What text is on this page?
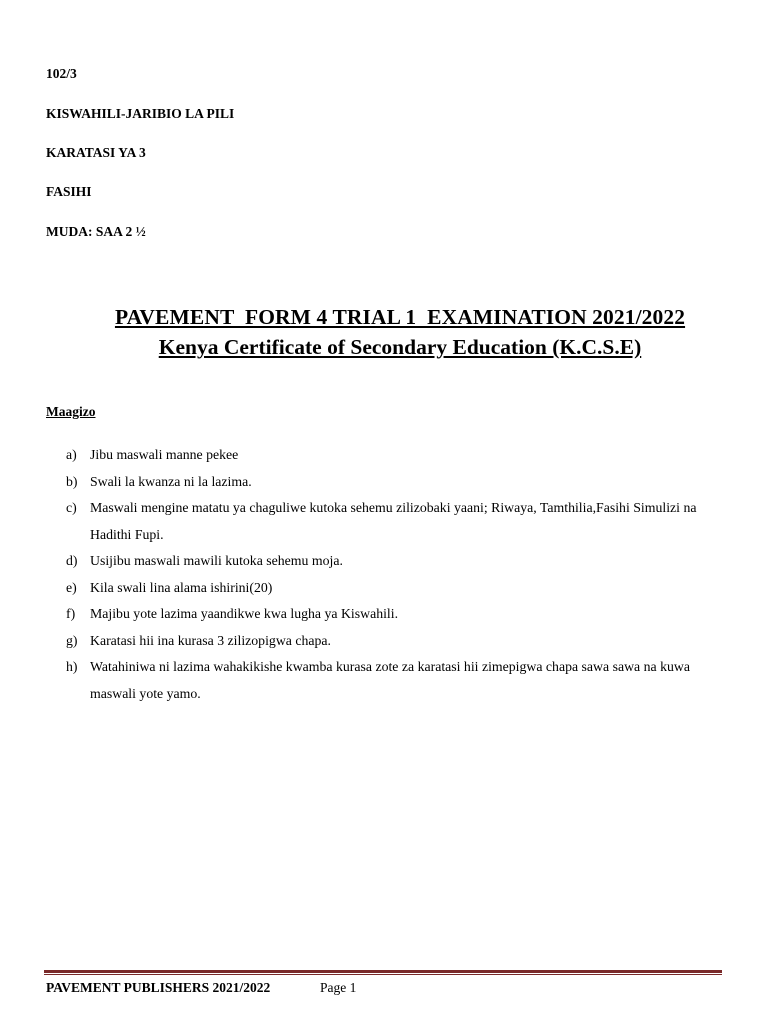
102/3
KISWAHILI-JARIBIO LA PILI
KARATASI YA 3
FASIHI
MUDA: SAA 2 ½
PAVEMENT  FORM 4 TRIAL 1  EXAMINATION 2021/2022
Kenya Certificate of Secondary Education (K.C.S.E)
Maagizo
a) Jibu maswali manne pekee
b) Swali la kwanza ni la lazima.
c) Maswali mengine matatu ya chaguliwe kutoka sehemu zilizobaki yaani; Riwaya, Tamthilia,Fasihi Simulizi na Hadithi Fupi.
d) Usijibu maswali mawili kutoka sehemu moja.
e) Kila swali lina alama ishirini(20)
f)	Majibu yote lazima yaandikwe kwa lugha ya Kiswahili.
g) Karatasi hii ina kurasa 3 zilizopigwa chapa.
h) Watahiniwa ni lazima wahakikishe kwamba kurasa zote za karatasi hii zimepigwa chapa sawa sawa na kuwa maswali yote yamo.
PAVEMENT PUBLISHERS 2021/2022	Page 1
